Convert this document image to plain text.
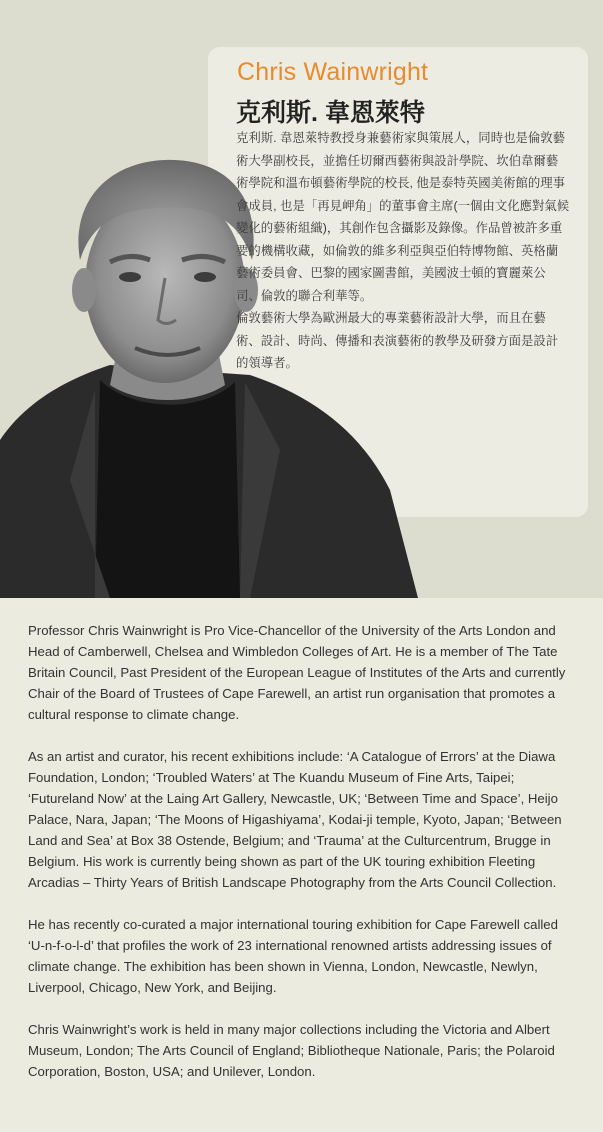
Chris Wainwright
克利斯. 韋恩萊特

克利斯. 韋恩萊特教授身兼藝術家與策展人，同時也是倫敦藝術大學副校長，並擔任切爾西藝術與設計學院、坎伯韋爾藝術學院和溫布頓藝術學院的校長, 他是泰特英國美術館的理事會成員, 也是「再見岬角」的董事會主席(一個由文化應對氣候變化的藝術組織)，其創作包含攝影及錄像。作品曾被許多重要的機構收藏，如倫敦的維多利亞與亞伯特博物館、英格蘭藝術委員會、巴黎的國家圖書館，美國波士頓的寶麗萊公司、倫敦的聯合利華等。

倫敦藝術大學為歐洲最大的專業藝術設計大學，而且在藝術、設計、時尚、傳播和表演藝術的教學及研發方面是設計的領導者。

Professor Chris Wainwright is Pro Vice-Chancellor of the University of the Arts London and Head of Camberwell, Chelsea and Wimbledon Colleges of Art. He is a member of The Tate Britain Council, Past President of the European League of Institutes of the Arts and currently Chair of the Board of Trustees of Cape Farewell, an artist run organisation that promotes a cultural response to climate change.

As an artist and curator, his recent exhibitions include: ‘A Catalogue of Errors’ at the Diawa Foundation, London; ‘Troubled Waters’ at The Kuandu Museum of Fine Arts, Taipei; ‘Futureland Now’ at the Laing Art Gallery, Newcastle, UK; ‘Between Time and Space’, Heijo Palace, Nara, Japan; ‘The Moons of Higashiyama’, Kodai-ji temple, Kyoto, Japan; ‘Between Land and Sea’ at Box 38 Ostende, Belgium; and ‘Trauma’ at the Culturcentrum, Brugge in Belgium. His work is currently being shown as part of the UK touring exhibition Fleeting Arcadias – Thirty Years of British Landscape Photography from the Arts Council Collection.

He has recently co-curated a major international touring exhibition for Cape Farewell called ‘U-n-f-o-l-d’ that profiles the work of 23 international renowned artists addressing issues of climate change. The exhibition has been shown in Vienna, London, Newcastle, Newlyn, Liverpool, Chicago, New York, and Beijing.

Chris Wainwright’s work is held in many major collections including the Victoria and Albert Museum, London; The Arts Council of England; Bibliotheque Nationale, Paris; the Polaroid Corporation, Boston, USA; and Unilever, London.
